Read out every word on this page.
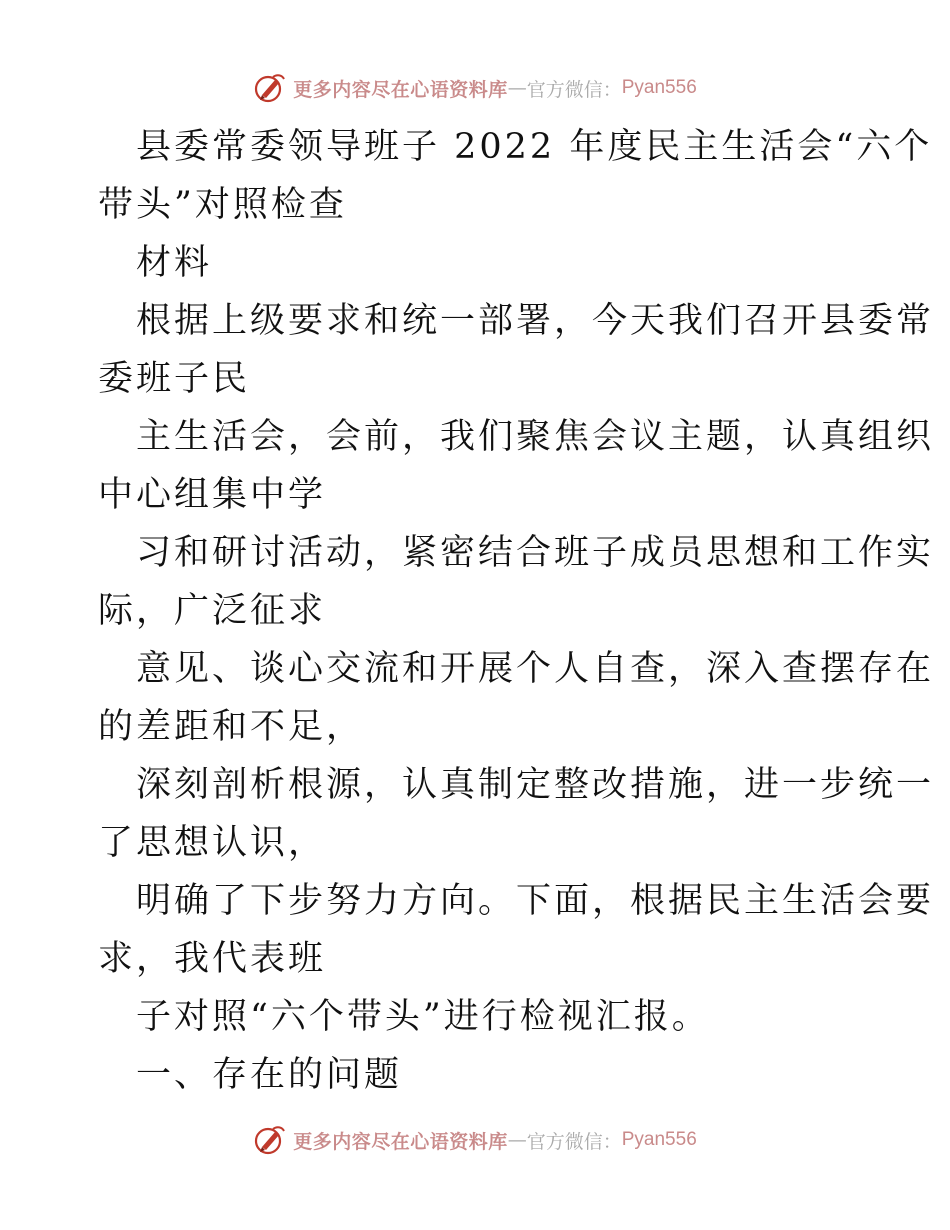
更多内容尽在心语资料库 — 官方微信： Pyan556
县委常委领导班子 2022 年度民主生活会“六个
带头”对照检查
材料
根据上级要求和统一部署，今天我们召开县委常
委班子民
主生活会，会前，我们聚焦会议主题，认真组织
中心组集中学
习和研讨活动，紧密结合班子成员思想和工作实
际，广泛征求
意见、谈心交流和开展个人自查，深入查摆存在
的差距和不足，
深刻剖析根源，认真制定整改措施，进一步统一
了思想认识，
明确了下步努力方向。下面，根据民主生活会要
求，我代表班
子对照“六个带头”进行检视汇报。
一、存在的问题
更多内容尽在心语资料库 — 官方微信： Pyan556
